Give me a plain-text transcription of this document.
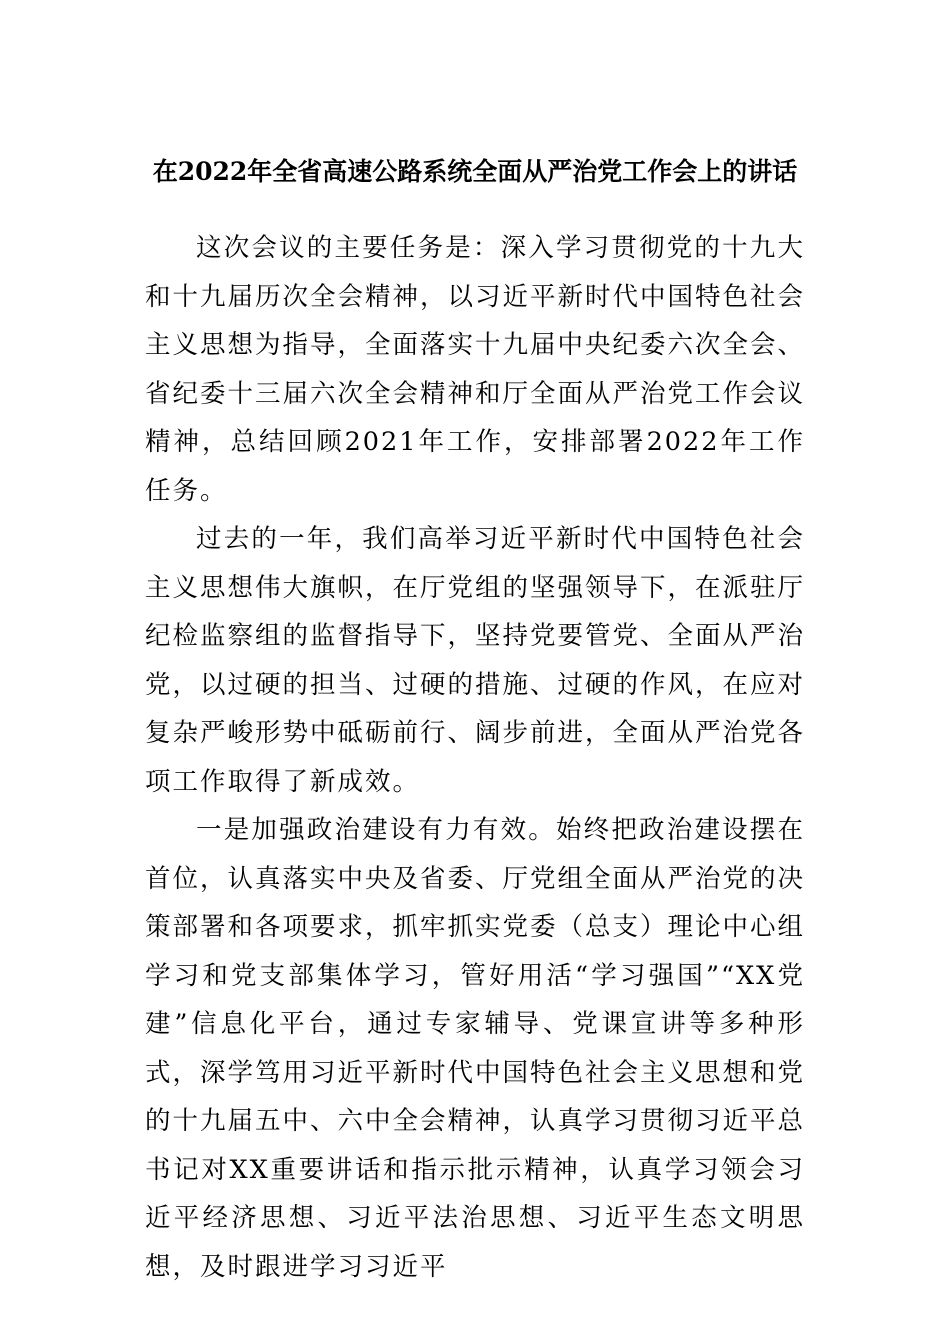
在2022年全省高速公路系统全面从严治党工作会上的讲话

这次会议的主要任务是：深入学习贯彻党的十九大和十九届历次全会精神，以习近平新时代中国特色社会主义思想为指导，全面落实十九届中央纪委六次全会、省纪委十三届六次全会精神和厅全面从严治党工作会议精神，总结回顾2021年工作，安排部署2022年工作任务。

过去的一年，我们高举习近平新时代中国特色社会主义思想伟大旗帜，在厅党组的坚强领导下，在派驻厅纪检监察组的监督指导下，坚持党要管党、全面从严治党，以过硬的担当、过硬的措施、过硬的作风，在应对复杂严峻形势中砥砺前行、阔步前进，全面从严治党各项工作取得了新成效。

一是加强政治建设有力有效。始终把政治建设摆在首位，认真落实中央及省委、厅党组全面从严治党的决策部署和各项要求，抓牢抓实党委（总支）理论中心组学习和党支部集体学习，管好用活“学习强国”“XX党建”信息化平台，通过专家辅导、党课宣讲等多种形式，深学笃用习近平新时代中国特色社会主义思想和党的十九届五中、六中全会精神，认真学习贯彻习近平总书记对XX重要讲话和指示批示精神，认真学习领会习近平经济思想、习近平法治思想、习近平生态文明思想，及时跟进学习习近平
